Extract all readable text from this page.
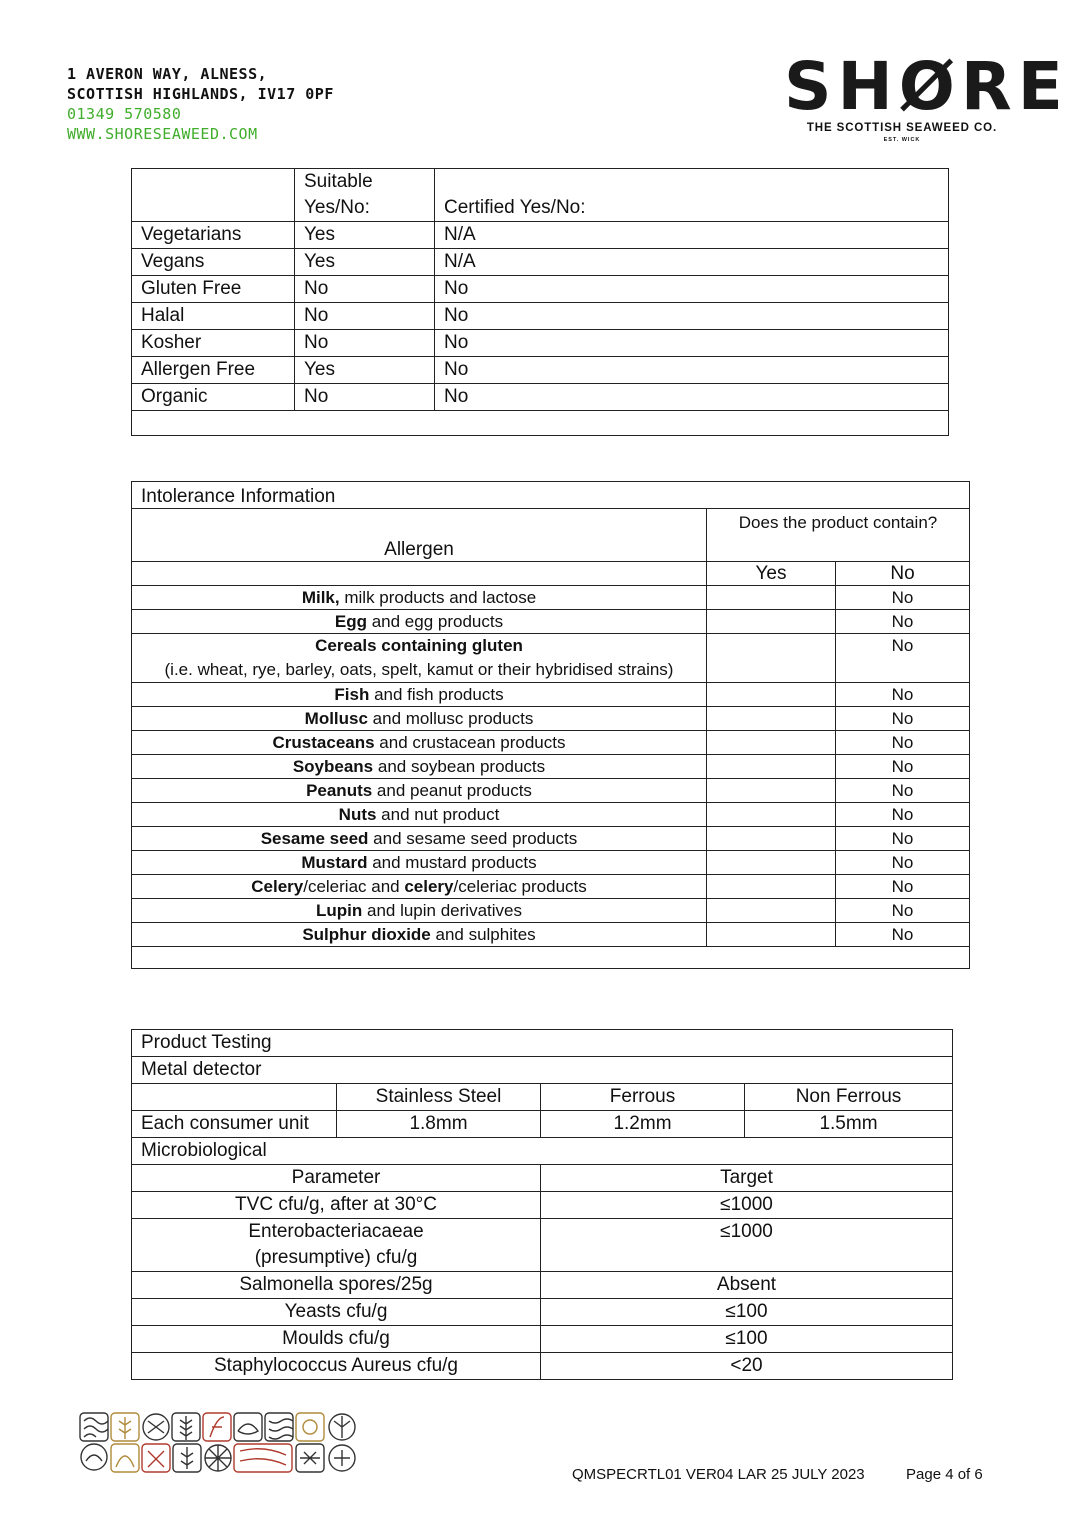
1 AVERON WAY, ALNESS,
SCOTTISH HIGHLANDS, IV17 0PF
01349 570580
WWW.SHORESEAWEED.COM
SHØRE
THE SCOTTISH SEAWEED CO.
EST. WICK
	Suitable
Yes/No:	Certified Yes/No:
Vegetarians	Yes	N/A
Vegans	Yes	N/A
Gluten Free	No	No
Halal	No	No
Kosher	No	No
Allergen Free	Yes	No
Organic	No	No

Intolerance Information		
Allergen	Does the product contain?	
	Yes	No
Milk, milk products and lactose		No
Egg and egg products		No
Cereals containing gluten
(i.e. wheat, rye, barley, oats, spelt, kamut or their hybridised strains)		No
Fish and fish products		No
Mollusc and mollusc products		No
Crustaceans and crustacean products		No
Soybeans and soybean products		No
Peanuts and peanut products		No
Nuts and nut product		No
Sesame seed and sesame seed products		No
Mustard and mustard products		No
Celery/celeriac and celery/celeriac products		No
Lupin and lupin derivatives		No
Sulphur dioxide and sulphites		No

Product Testing			
Metal detector			
	Stainless Steel	Ferrous	Non Ferrous
Each consumer unit	1.8mm	1.2mm	1.5mm
Microbiological			
Parameter		Target	
TVC cfu/g, after at 30°C		≤1000	
Enterobacteriacaeae
(presumptive) cfu/g		≤1000	
Salmonella spores/25g		Absent	
Yeasts cfu/g		≤100	
Moulds cfu/g		≤100	
Staphylococcus Aureus cfu/g		<20	
QMSPECRTL01 VER04 LAR 25 JULY 2023	Page 4 of 6
